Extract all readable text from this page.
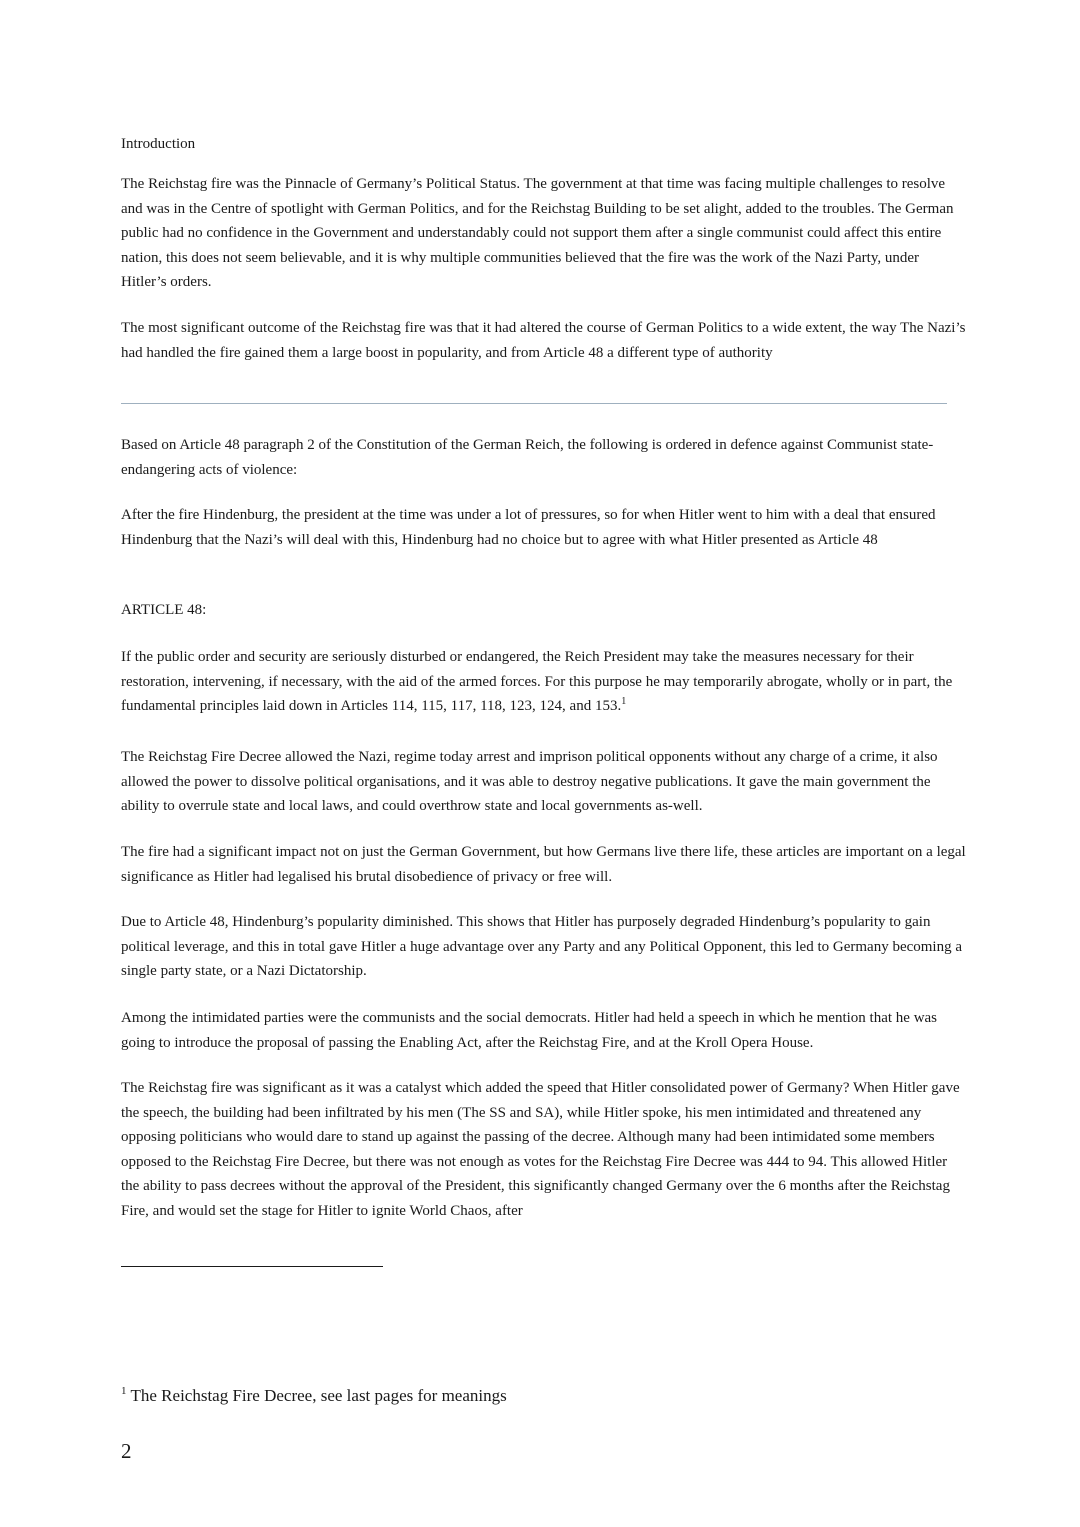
Introduction

The Reichstag fire was the Pinnacle of Germany’s Political Status. The government at that time was facing multiple challenges to resolve and was in the Centre of spotlight with German Politics, and for the Reichstag Building to be set alight, added to the troubles. The German public had no confidence in the Government and understandably could not support them after a single communist could affect this entire nation, this does not seem believable, and it is why multiple communities believed that the fire was the work of the Nazi Party, under Hitler’s orders.

The most significant outcome of the Reichstag fire was that it had altered the course of German Politics to a wide extent, the way The Nazi’s had handled the fire gained them a large boost in popularity, and from Article 48 a different type of authority

Based on Article 48 paragraph 2 of the Constitution of the German Reich, the following is ordered in defence against Communist state-endangering acts of violence:

After the fire Hindenburg, the president at the time was under a lot of pressures, so for when Hitler went to him with a deal that ensured Hindenburg that the Nazi’s will deal with this, Hindenburg had no choice but to agree with what Hitler presented as Article 48

ARTICLE 48:

If the public order and security are seriously disturbed or endangered, the Reich President may take the measures necessary for their restoration, intervening, if necessary, with the aid of the armed forces. For this purpose he may temporarily abrogate, wholly or in part, the fundamental principles laid down in Articles 114, 115, 117, 118, 123, 124, and 153.$^1$

The Reichstag Fire Decree allowed the Nazi, regime today arrest and imprison political opponents without any charge of a crime, it also allowed the power to dissolve political organisations, and it was able to destroy negative publications. It gave the main government the ability to overrule state and local laws, and could overthrow state and local governments as-well.

The fire had a significant impact not on just the German Government, but how Germans live there life, these articles are important on a legal significance as Hitler had legalised his brutal disobedience of privacy or free will.

Due to Article 48, Hindenburg’s popularity diminished. This shows that Hitler has purposely degraded Hindenburg’s popularity to gain political leverage, and this in total gave Hitler a huge advantage over any Party and any Political Opponent, this led to Germany becoming a single party state, or a Nazi Dictatorship.

Among the intimidated parties were the communists and the social democrats. Hitler had held a speech in which he mention that he was going to introduce the proposal of passing the Enabling Act, after the Reichstag Fire, and at the Kroll Opera House.

The Reichstag fire was significant as it was a catalyst which added the speed that Hitler consolidated power of Germany? When Hitler gave the speech, the building had been infiltrated by his men (The SS and SA), while Hitler spoke, his men intimidated and threatened any opposing politicians who would dare to stand up against the passing of the decree. Although many had been intimidated some members opposed to the Reichstag Fire Decree, but there was not enough as votes for the Reichstag Fire Decree was 444 to 94. This allowed Hitler the ability to pass decrees without the approval of the President, this significantly changed Germany over the 6 months after the Reichstag Fire, and would set the stage for Hitler to ignite World Chaos, after

$^1$ The Reichstag Fire Decree, see last pages for meanings

2
